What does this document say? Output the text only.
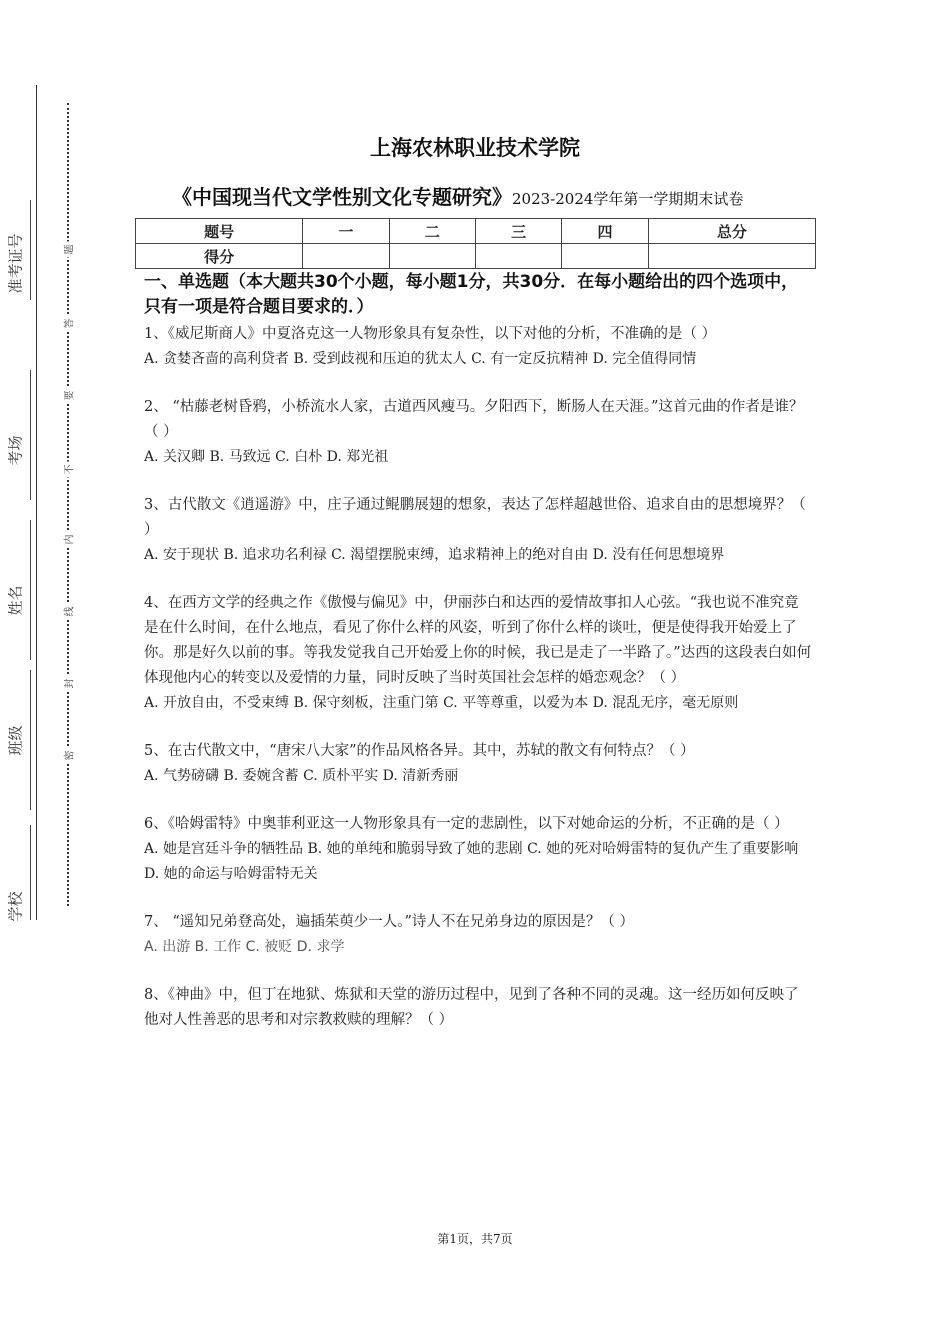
准考证号
考场
姓名
班级
学校
题
答
要
不
内
线
封
密
上海农林职业技术学院
《中国现当代文学性别文化专题研究》2023-2024学年第一学期期末试卷
题号	一	二	三	四	总分
得分					
一、单选题（本大题共30个小题，每小题1分，共30分．在每小题给出的四个选项中，只有一项是符合题目要求的．）

1、《威尼斯商人》中夏洛克这一人物形象具有复杂性，以下对他的分析，不准确的是（ ）

A. 贪婪吝啬的高利贷者 B. 受到歧视和压迫的犹太人 C. 有一定反抗精神 D. 完全值得同情

2、 “枯藤老树昏鸦，小桥流水人家，古道西风瘦马。夕阳西下，断肠人在天涯。”这首元曲的作者是谁？（ ）

A. 关汉卿 B. 马致远 C. 白朴 D. 郑光祖

3、古代散文《逍遥游》中，庄子通过鲲鹏展翅的想象，表达了怎样超越世俗、追求自由的思想境界？（ ）

A. 安于现状 B. 追求功名利禄 C. 渴望摆脱束缚，追求精神上的绝对自由 D. 没有任何思想境界

4、在西方文学的经典之作《傲慢与偏见》中，伊丽莎白和达西的爱情故事扣人心弦。“我也说不准究竟是在什么时间，在什么地点，看见了你什么样的风姿，听到了你什么样的谈吐，便是使得我开始爱上了你。那是好久以前的事。等我发觉我自己开始爱上你的时候，我已是走了一半路了。”达西的这段表白如何体现他内心的转变以及爱情的力量，同时反映了当时英国社会怎样的婚恋观念？（ ）

A. 开放自由，不受束缚 B. 保守刻板，注重门第 C. 平等尊重，以爱为本 D. 混乱无序，毫无原则

5、在古代散文中，“唐宋八大家”的作品风格各异。其中，苏轼的散文有何特点？（ ）

A. 气势磅礴 B. 委婉含蓄 C. 质朴平实 D. 清新秀丽

6、《哈姆雷特》中奥菲利亚这一人物形象具有一定的悲剧性，以下对她命运的分析，不正确的是（ ）

A. 她是宫廷斗争的牺牲品 B. 她的单纯和脆弱导致了她的悲剧 C. 她的死对哈姆雷特的复仇产生了重要影响 D. 她的命运与哈姆雷特无关

7、 “遥知兄弟登高处，遍插茱萸少一人。”诗人不在兄弟身边的原因是？（ ）

A. 出游 B. 工作 C. 被贬 D. 求学

8、《神曲》中，但丁在地狱、炼狱和天堂的游历过程中，见到了各种不同的灵魂。这一经历如何反映了他对人性善恶的思考和对宗教救赎的理解？（ ）

第1页，共7页
